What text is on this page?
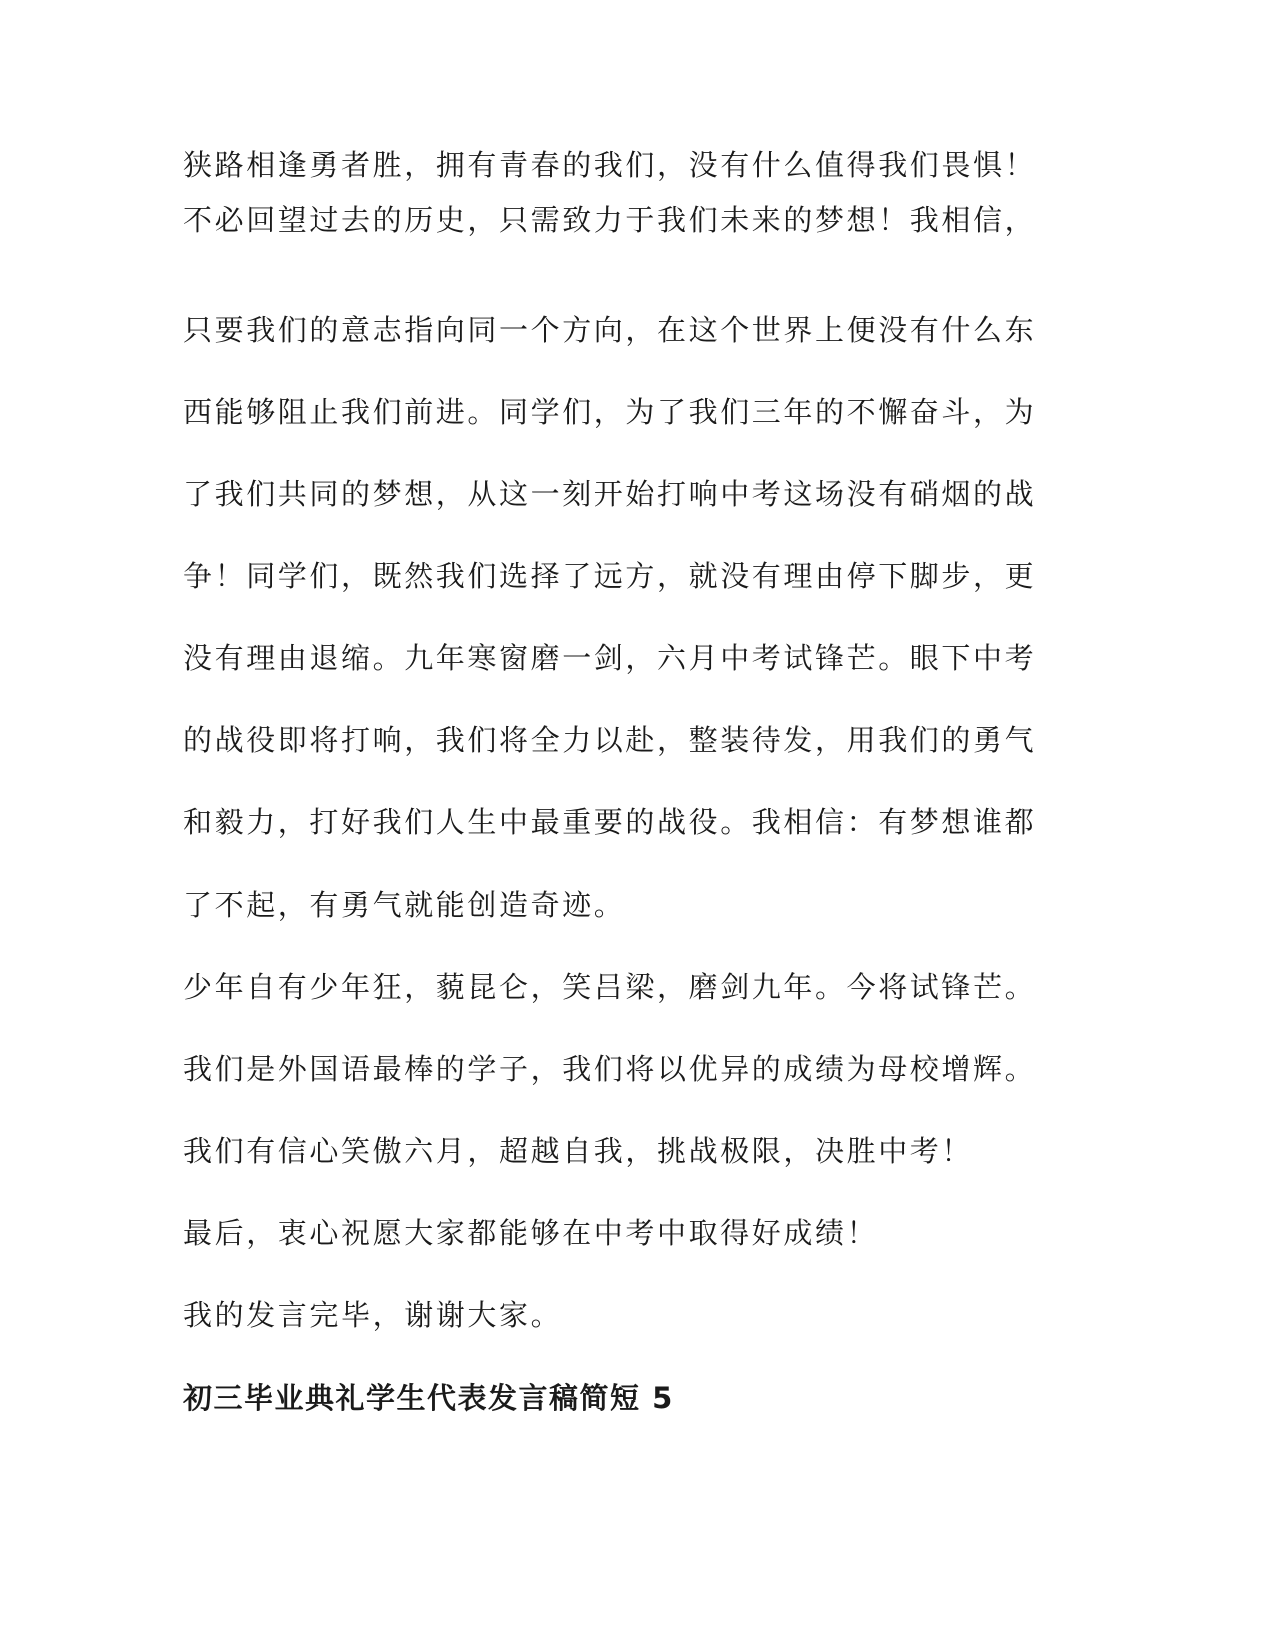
狭路相逢勇者胜，拥有青春的我们，没有什么值得我们畏惧！
不必回望过去的历史，只需致力于我们未来的梦想！我相信，
只要我们的意志指向同一个方向，在这个世界上便没有什么东
西能够阻止我们前进。同学们，为了我们三年的不懈奋斗，为
了我们共同的梦想，从这一刻开始打响中考这场没有硝烟的战
争！同学们，既然我们选择了远方，就没有理由停下脚步，更
没有理由退缩。九年寒窗磨一剑，六月中考试锋芒。眼下中考
的战役即将打响，我们将全力以赴，整装待发，用我们的勇气
和毅力，打好我们人生中最重要的战役。我相信：有梦想谁都
了不起，有勇气就能创造奇迹。
少年自有少年狂，藐昆仑，笑吕梁，磨剑九年。今将试锋芒。
我们是外国语最棒的学子，我们将以优异的成绩为母校增辉。
我们有信心笑傲六月，超越自我，挑战极限，决胜中考！
最后，衷心祝愿大家都能够在中考中取得好成绩！
我的发言完毕，谢谢大家。
初三毕业典礼学生代表发言稿简短 5
